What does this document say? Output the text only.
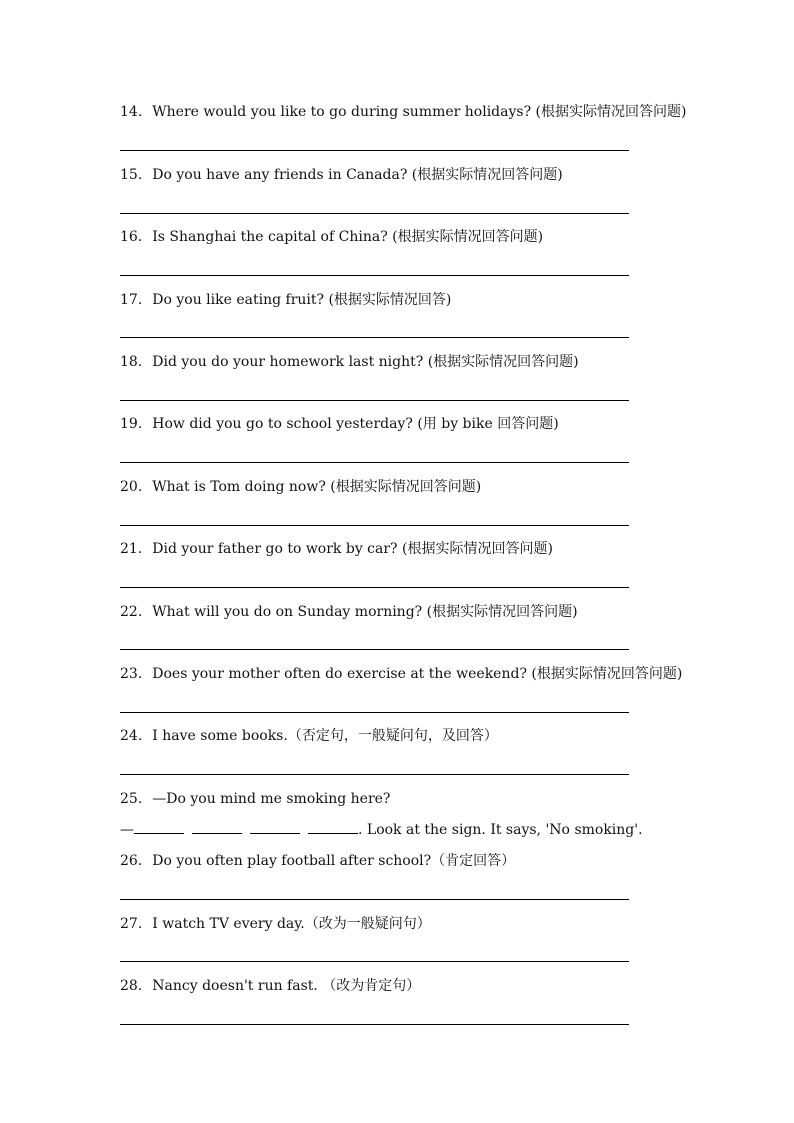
14. Where would you like to go during summer holidays? (根据实际情况回答问题)
15. Do you have any friends in Canada? (根据实际情况回答问题)
16. Is Shanghai the capital of China? (根据实际情况回答问题)
17. Do you like eating fruit? (根据实际情况回答)
18. Did you do your homework last night? (根据实际情况回答问题)
19. How did you go to school yesterday? (用 by bike 回答问题)
20. What is Tom doing now? (根据实际情况回答问题)
21. Did your father go to work by car? (根据实际情况回答问题)
22. What will you do on Sunday morning? (根据实际情况回答问题)
23. Does your mother often do exercise at the weekend? (根据实际情况回答问题)
24. I have some books.（否定句，一般疑问句，及回答）
25. —Do you mind me smoking here?
—	. Look at the sign. It says, 'No smoking'.
26. Do you often play football after school?（肯定回答）
27. I watch TV every day.（改为一般疑问句）
28. Nancy doesn't run fast. （改为肯定句）
